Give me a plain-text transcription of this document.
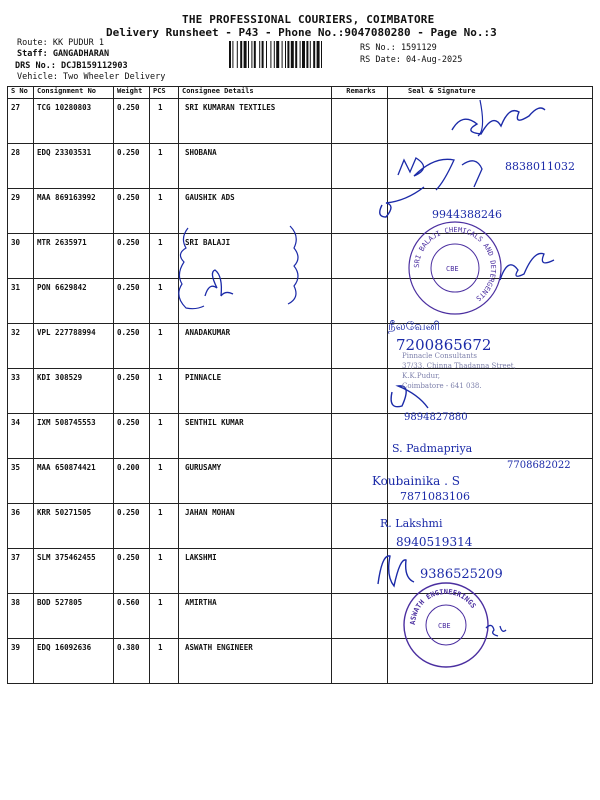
THE PROFESSIONAL COURIERS, COIMBATORE
Delivery Runsheet - P43 - Phone No.:9047080280 - Page No.:3
Route: KK PUDUR 1
Staff: GANGADHARAN
DRS No.: DCJB159112903
Vehicle: Two Wheeler Delivery
RS No.: 1591129
RS Date: 04-Aug-2025
S No	Consignment No	Weight	PCS	Consignee Details	Remarks	Seal & Signature
27	TCG 10280803	0.250	1	SRI KUMARAN TEXTILES		
28	EDQ 23303531	0.250	1	SHOBANA		
29	MAA 869163992	0.250	1	GAUSHIK ADS		
30	MTR 2635971	0.250	1	SRI BALAJI		
31	PON 6629842	0.250	1			
32	VPL 227788994	0.250	1	ANADAKUMAR		
33	KDI 308529	0.250	1	PINNACLE		
34	IXM 508745553	0.250	1	SENTHIL KUMAR		
35	MAA 650874421	0.200	1	GURUSAMY		
36	KRR 50271505	0.250	1	JAHAN MOHAN		
37	SLM 375462455	0.250	1	LAKSHMI		
38	BOD 527805	0.560	1	AMIRTHA		
39	EDQ 16092636	0.380	1	ASWATH ENGINEER		
8838011032
9944388246
SRI BALAJI CHEMICALS AND DETERGENTS
CBE
நீலவேனி
7200865672
9894827880
S. Padmapriya
7708682022
Koubainika . S
7871083106
R. Lakshmi
8940519314
9386525209
ASWATH ENGINEERINGS
CBE
Pinnacle Consultants
37/33, Chinna Thadanna Street,
K.K.Pudur,
Coimbatore - 641 038.
